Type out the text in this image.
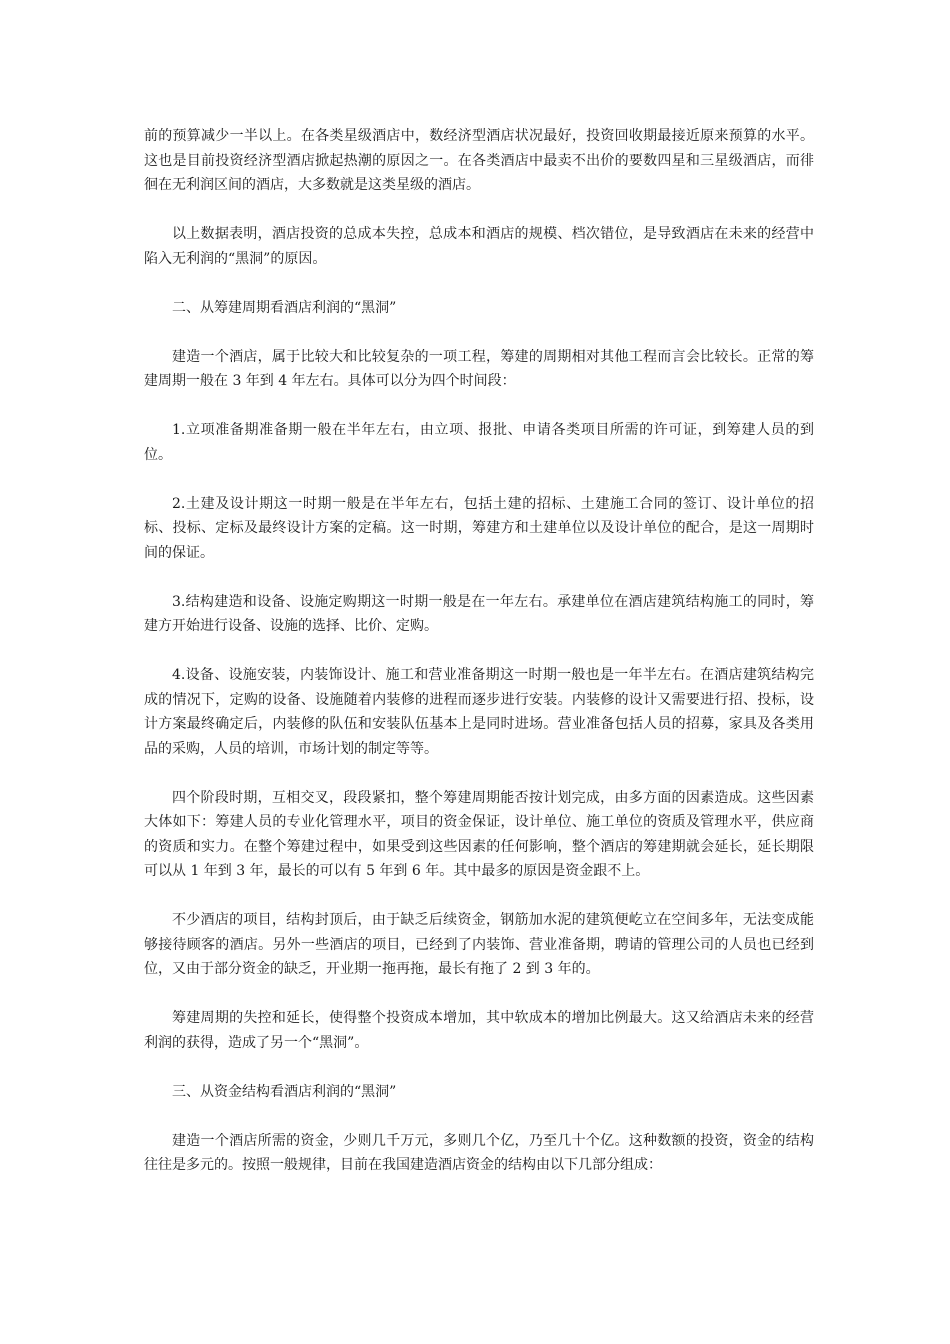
前的预算减少一半以上。在各类星级酒店中，数经济型酒店状况最好，投资回收期最接近原来预算的水平。这也是目前投资经济型酒店掀起热潮的原因之一。在各类酒店中最卖不出价的要数四星和三星级酒店，而徘徊在无利润区间的酒店，大多数就是这类星级的酒店。

以上数据表明，酒店投资的总成本失控，总成本和酒店的规模、档次错位，是导致酒店在未来的经营中陷入无利润的“黑洞”的原因。

二、从筹建周期看酒店利润的“黑洞”

建造一个酒店，属于比较大和比较复杂的一项工程，筹建的周期相对其他工程而言会比较长。正常的筹建周期一般在 3 年到 4 年左右。具体可以分为四个时间段：

1.立项准备期准备期一般在半年左右，由立项、报批、申请各类项目所需的许可证，到筹建人员的到位。

2.土建及设计期这一时期一般是在半年左右，包括土建的招标、土建施工合同的签订、设计单位的招标、投标、定标及最终设计方案的定稿。这一时期，筹建方和土建单位以及设计单位的配合，是这一周期时间的保证。

3.结构建造和设备、设施定购期这一时期一般是在一年左右。承建单位在酒店建筑结构施工的同时，筹建方开始进行设备、设施的选择、比价、定购。

4.设备、设施安装，内装饰设计、施工和营业准备期这一时期一般也是一年半左右。在酒店建筑结构完成的情况下，定购的设备、设施随着内装修的进程而逐步进行安装。内装修的设计又需要进行招、投标，设计方案最终确定后，内装修的队伍和安装队伍基本上是同时进场。营业准备包括人员的招募，家具及各类用品的采购，人员的培训，市场计划的制定等等。

四个阶段时期，互相交叉，段段紧扣，整个筹建周期能否按计划完成，由多方面的因素造成。这些因素大体如下：筹建人员的专业化管理水平，项目的资金保证，设计单位、施工单位的资质及管理水平，供应商的资质和实力。在整个筹建过程中，如果受到这些因素的任何影响，整个酒店的筹建期就会延长，延长期限可以从 1 年到 3 年，最长的可以有 5 年到 6 年。其中最多的原因是资金跟不上。

不少酒店的项目，结构封顶后，由于缺乏后续资金，钢筋加水泥的建筑便屹立在空间多年，无法变成能够接待顾客的酒店。另外一些酒店的项目，已经到了内装饰、营业准备期，聘请的管理公司的人员也已经到位，又由于部分资金的缺乏，开业期一拖再拖，最长有拖了 2 到 3 年的。

筹建周期的失控和延长，使得整个投资成本增加，其中软成本的增加比例最大。这又给酒店未来的经营利润的获得，造成了另一个“黑洞”。

三、从资金结构看酒店利润的“黑洞”

建造一个酒店所需的资金，少则几千万元，多则几个亿，乃至几十个亿。这种数额的投资，资金的结构往往是多元的。按照一般规律，目前在我国建造酒店资金的结构由以下几部分组成：
